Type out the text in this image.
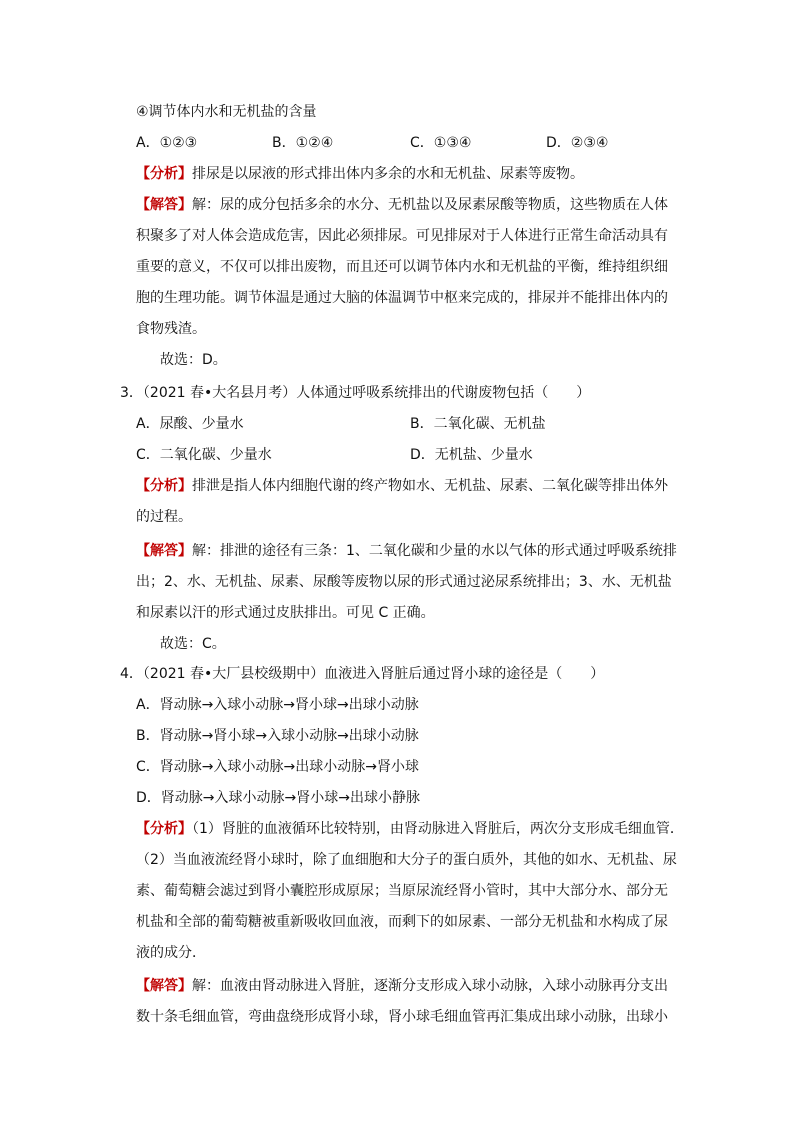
④调节体内水和无机盐的含量
A．①②③	B．①②④	C．①③④	D．②③④
【分析】排尿是以尿液的形式排出体内多余的水和无机盐、尿素等废物。
【解答】解：尿的成分包括多余的水分、无机盐以及尿素尿酸等物质，这些物质在人体
积聚多了对人体会造成危害，因此必须排尿。可见排尿对于人体进行正常生命活动具有
重要的意义，不仅可以排出废物，而且还可以调节体内水和无机盐的平衡，维持组织细
胞的生理功能。调节体温是通过大脑的体温调节中枢来完成的，排尿并不能排出体内的
食物残渣。
故选：D。
3．（2021 春•大名县月考）人体通过呼吸系统排出的代谢废物包括（　　）
A．尿酸、少量水	B．二氧化碳、无机盐
C．二氧化碳、少量水	D．无机盐、少量水
【分析】排泄是指人体内细胞代谢的终产物如水、无机盐、尿素、二氧化碳等排出体外
的过程。
【解答】解：排泄的途径有三条：1、二氧化碳和少量的水以气体的形式通过呼吸系统排
出；2、水、无机盐、尿素、尿酸等废物以尿的形式通过泌尿系统排出；3、水、无机盐
和尿素以汗的形式通过皮肤排出。可见 C 正确。
故选：C。
4．（2021 春•大厂县校级期中）血液进入肾脏后通过肾小球的途径是（　　）
A．肾动脉→入球小动脉→肾小球→出球小动脉
B．肾动脉→肾小球→入球小动脉→出球小动脉
C．肾动脉→入球小动脉→出球小动脉→肾小球
D．肾动脉→入球小动脉→肾小球→出球小静脉
【分析】（1）肾脏的血液循环比较特别，由肾动脉进入肾脏后，两次分支形成毛细血管．
（2）当血液流经肾小球时，除了血细胞和大分子的蛋白质外，其他的如水、无机盐、尿
素、葡萄糖会滤过到肾小囊腔形成原尿；当原尿流经肾小管时，其中大部分水、部分无
机盐和全部的葡萄糖被重新吸收回血液，而剩下的如尿素、一部分无机盐和水构成了尿
液的成分．
【解答】解：血液由肾动脉进入肾脏，逐渐分支形成入球小动脉，入球小动脉再分支出
数十条毛细血管，弯曲盘绕形成肾小球，肾小球毛细血管再汇集成出球小动脉，出球小
